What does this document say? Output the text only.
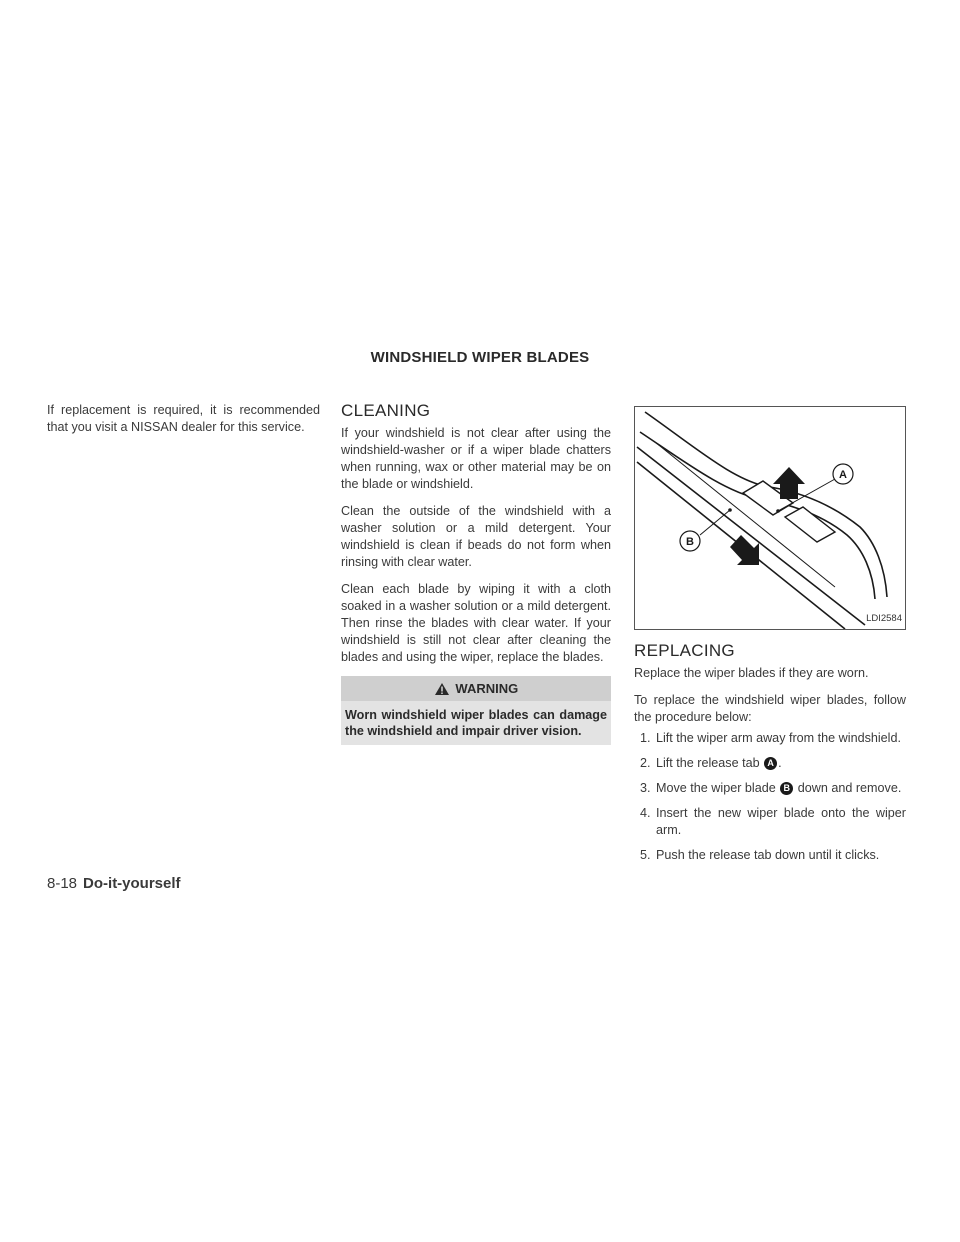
WINDSHIELD WIPER BLADES

If replacement is required, it is recommended that you visit a NISSAN dealer for this service.

CLEANING

If your windshield is not clear after using the windshield-washer or if a wiper blade chatters when running, wax or other material may be on the blade or windshield.

Clean the outside of the windshield with a washer solution or a mild detergent. Your windshield is clean if beads do not form when rinsing with clear water.

Clean each blade by wiping it with a cloth soaked in a washer solution or a mild detergent. Then rinse the blades with clear water. If your windshield is still not clear after cleaning the blades and using the wiper, replace the blades.

WARNING
Worn windshield wiper blades can damage the windshield and impair driver vision.
A
B
LDI2584
REPLACING

Replace the wiper blades if they are worn.

To replace the windshield wiper blades, follow the procedure below:

1. Lift the wiper arm away from the windshield.
2. Lift the release tab A .
3. Move the wiper blade B down and remove.
4. Insert the new wiper blade onto the wiper arm.
5. Push the release tab down until it clicks.
8-18 Do-it-yourself
